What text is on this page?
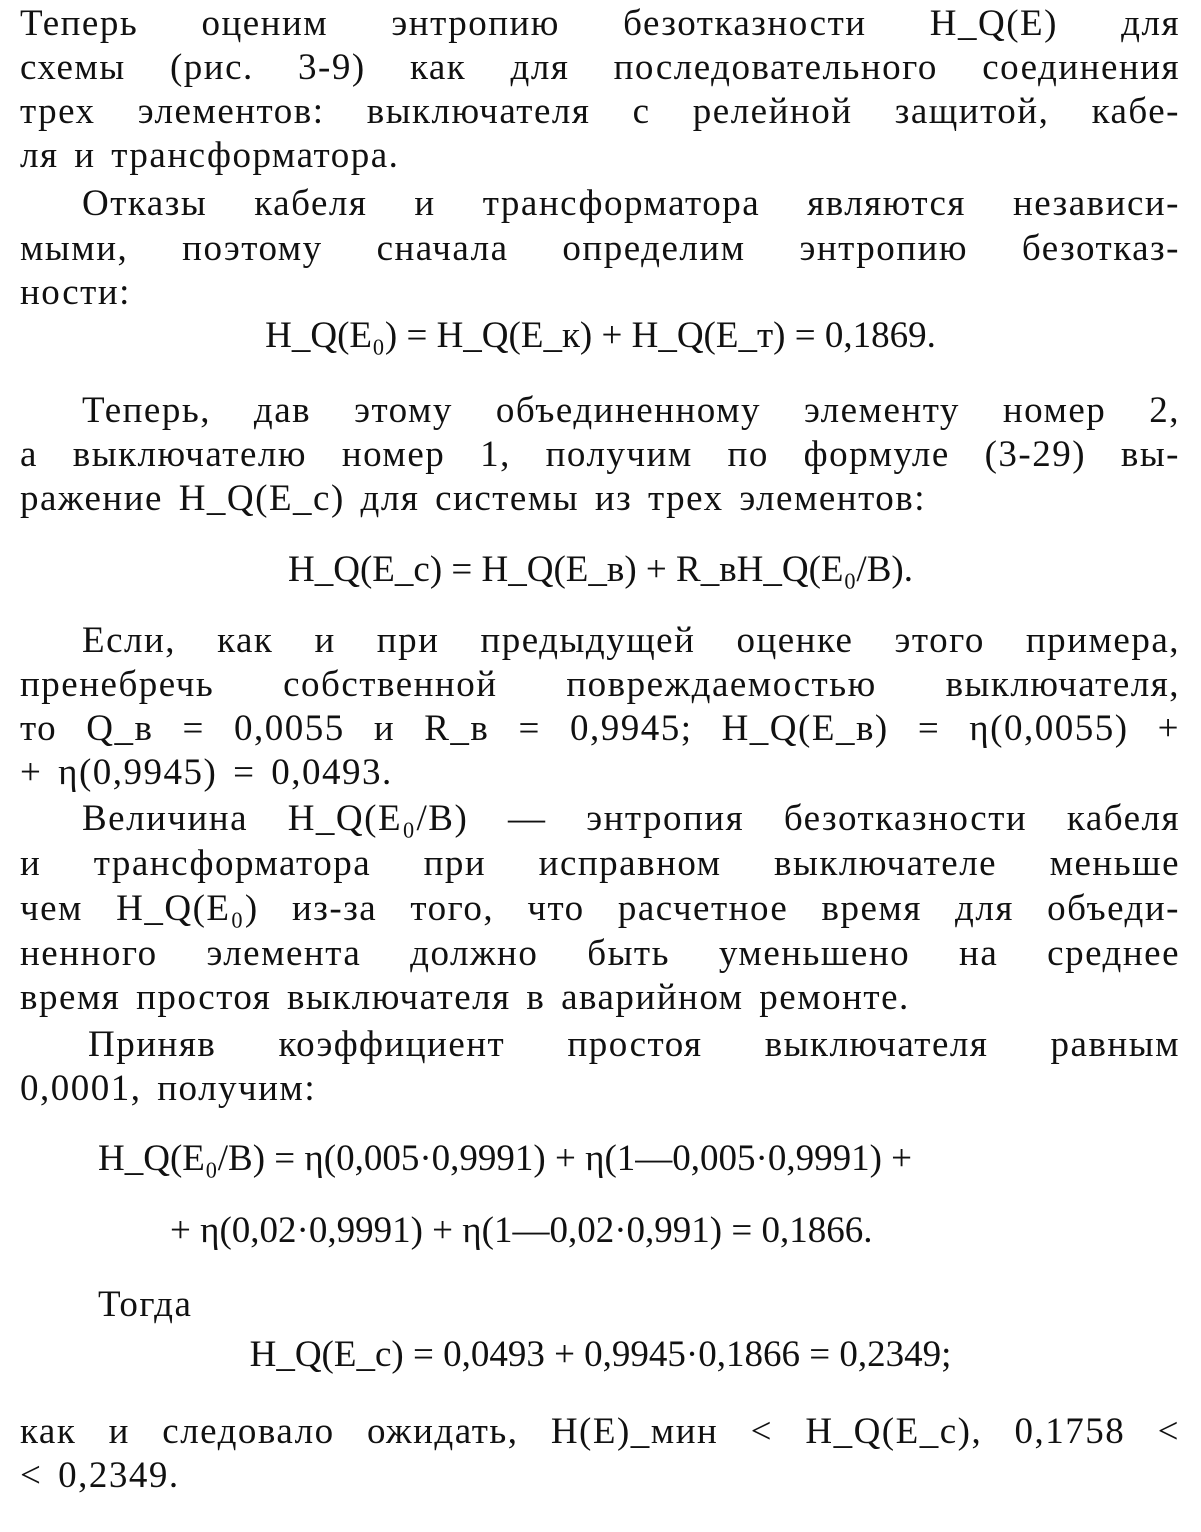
Теперь оценим энтропию безотказности H_Q(E) для
схемы (рис. 3-9) как для последовательного соединения
трех элементов: выключателя с релейной защитой, кабе-
ля и трансформатора.
Отказы кабеля и трансформатора являются независи-
мыми, поэтому сначала определим энтропию безотказ-
ности:
H_Q(E₀) = H_Q(E_к) + H_Q(E_т) = 0,1869.
Теперь, дав этому объединенному элементу номер 2,
а выключателю номер 1, получим по формуле (3-29) вы-
ражение H_Q(E_с) для системы из трех элементов:
H_Q(E_с) = H_Q(E_в) + R_вH_Q(E₀/B).
Если, как и при предыдущей оценке этого примера,
пренебречь собственной повреждаемостью выключателя,
то Q_в = 0,0055 и R_в = 0,9945; H_Q(E_в) = η(0,0055) +
+ η(0,9945) = 0,0493.
Величина H_Q(E₀/B) — энтропия безотказности кабеля
и трансформатора при исправном выключателе меньше
чем H_Q(E₀) из-за того, что расчетное время для объеди-
ненного элемента должно быть уменьшено на среднее
время простоя выключателя в аварийном ремонте.
Приняв коэффициент простоя выключателя равным
0,0001, получим:
H_Q(E₀/B) = η(0,005·0,9991) + η(1—0,005·0,9991) +
+ η(0,02·0,9991) + η(1—0,02·0,991) = 0,1866.
Тогда
H_Q(E_с) = 0,0493 + 0,9945·0,1866 = 0,2349;
как и следовало ожидать, H(E)_мин < H_Q(E_с), 0,1758 <
< 0,2349.
